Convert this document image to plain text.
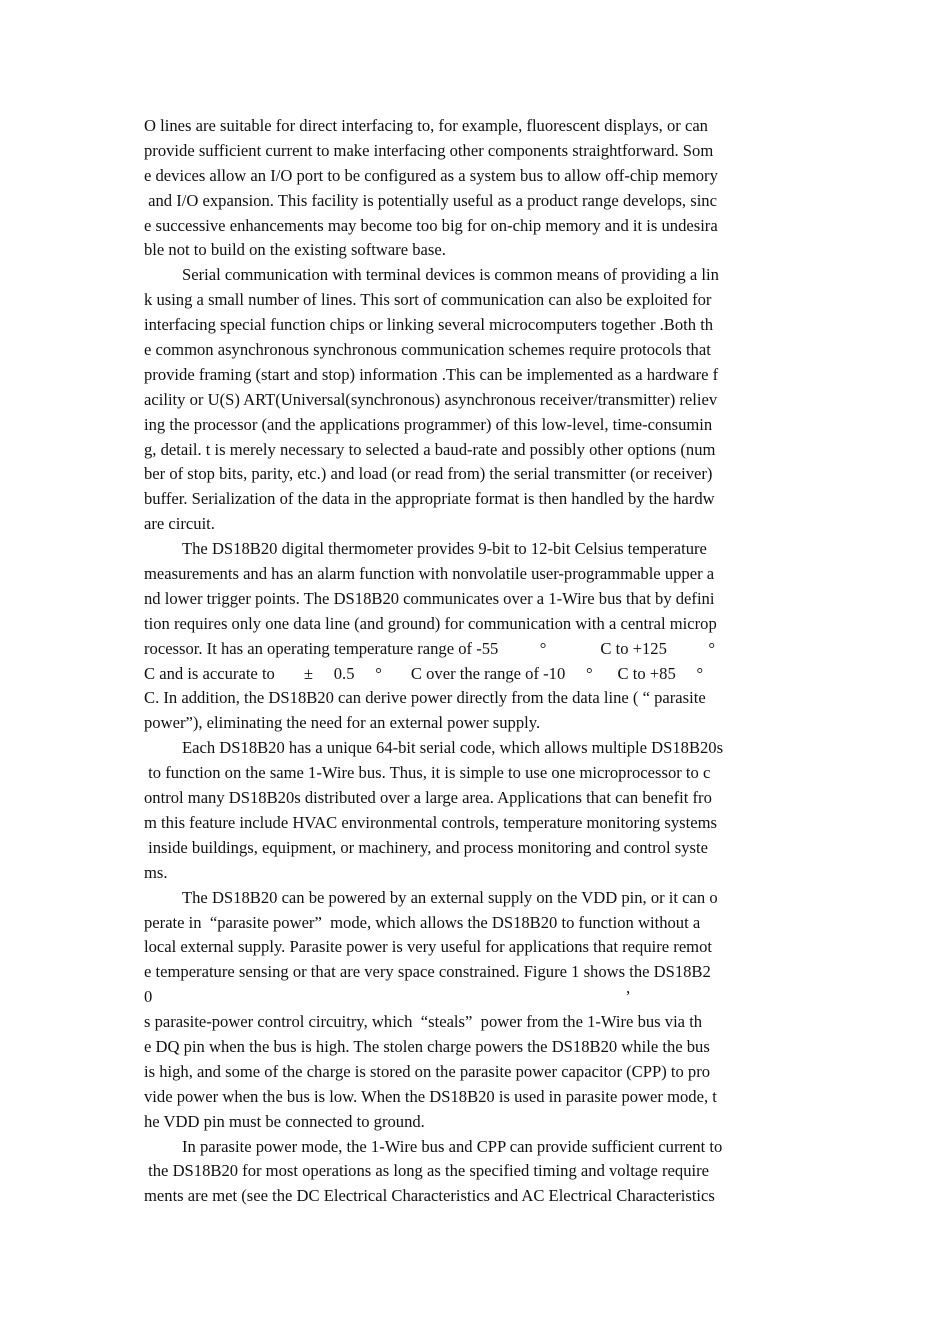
O lines are suitable for direct interfacing to, for example, fluorescent displays, or can
provide sufficient current to make interfacing other components straightforward. Som
e devices allow an I/O port to be configured as a system bus to allow off-chip memory
and I/O expansion. This facility is potentially useful as a product range develops, sinc
e successive enhancements may become too big for on-chip memory and it is undesira
ble not to build on the existing software base.
Serial communication with terminal devices is common means of providing a lin
k using a small number of lines. This sort of communication can also be exploited for
interfacing special function chips or linking several microcomputers together .Both th
e common asynchronous synchronous communication schemes require protocols that
provide framing (start and stop) information .This can be implemented as a hardware f
acility or U(S) ART(Universal(synchronous) asynchronous receiver/transmitter) reliev
ing the processor (and the applications programmer) of this low-level, time-consumin
g, detail. t is merely necessary to selected a baud-rate and possibly other options (num
ber of stop bits, parity, etc.) and load (or read from) the serial transmitter (or receiver)
buffer. Serialization of the data in the appropriate format is then handled by the hardw
are circuit.
The DS18B20 digital thermometer provides 9-bit to 12-bit Celsius temperature
measurements and has an alarm function with nonvolatile user-programmable upper a
nd lower trigger points. The DS18B20 communicates over a 1-Wire bus that by defini
tion requires only one data line (and ground) for communication with a central microp
rocessor. It has an operating temperature range of -55          °             C to +125          °
C and is accurate to       ±     0.5     °       C over the range of -10     °      C to +85     °
C. In addition, the DS18B20 can derive power directly from the data line ( “ parasite
power”), eliminating the need for an external power supply.
Each DS18B20 has a unique 64-bit serial code, which allows multiple DS18B20s
to function on the same 1-Wire bus. Thus, it is simple to use one microprocessor to c
ontrol many DS18B20s distributed over a large area. Applications that can benefit fro
m this feature include HVAC environmental controls, temperature monitoring systems
inside buildings, equipment, or machinery, and process monitoring and control syste
ms.
The DS18B20 can be powered by an external supply on the VDD pin, or it can o
perate in  “parasite power”  mode, which allows the DS18B20 to function without a
local external supply. Parasite power is very useful for applications that require remot
e temperature sensing or that are very space constrained. Figure 1 shows the DS18B2
0                                                                                                                  ’
s parasite-power control circuitry, which  “steals”  power from the 1-Wire bus via th
e DQ pin when the bus is high. The stolen charge powers the DS18B20 while the bus
is high, and some of the charge is stored on the parasite power capacitor (CPP) to pro
vide power when the bus is low. When the DS18B20 is used in parasite power mode, t
he VDD pin must be connected to ground.
In parasite power mode, the 1-Wire bus and CPP can provide sufficient current to
the DS18B20 for most operations as long as the specified timing and voltage require
ments are met (see the DC Electrical Characteristics and AC Electrical Characteristics
